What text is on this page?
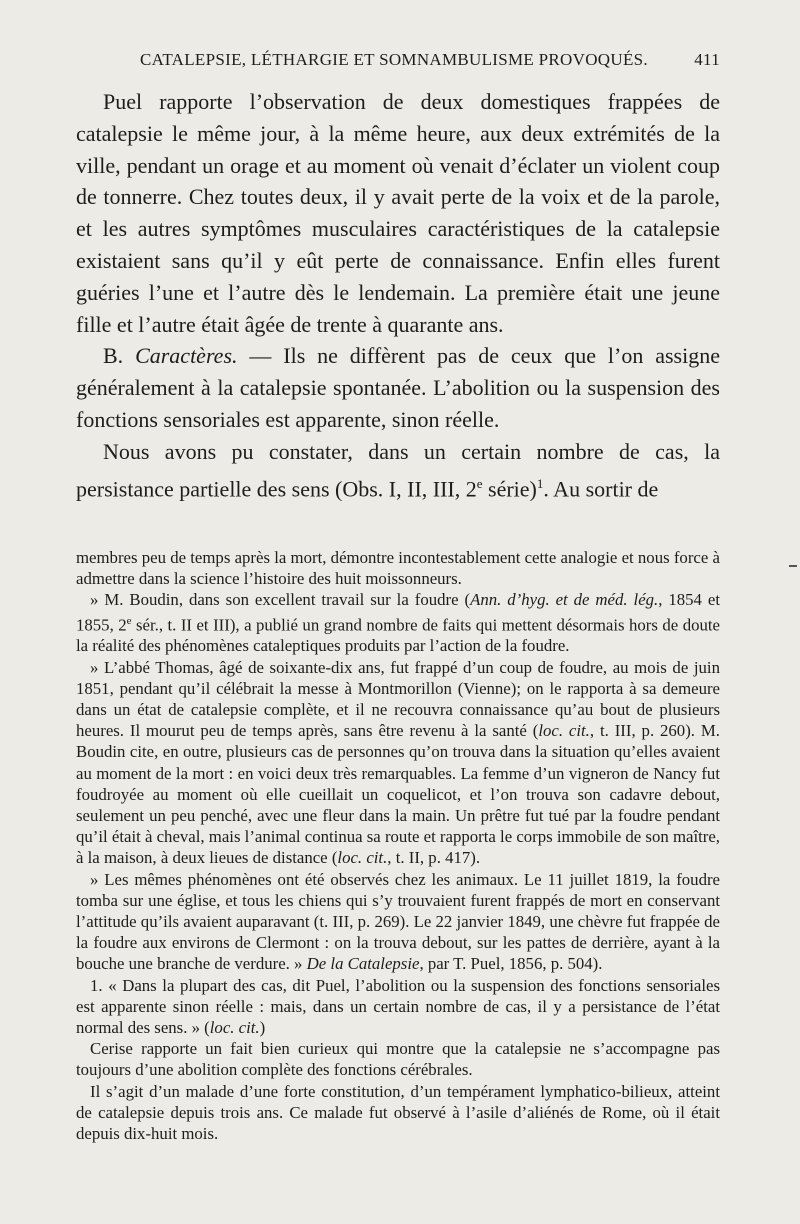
CATALEPSIE, LÉTHARGIE ET SOMNAMBULISME PROVOQUÉS.	411

Puel rapporte l’observation de deux domestiques frappées de catalepsie le même jour, à la même heure, aux deux extrémités de la ville, pendant un orage et au moment où venait d’éclater un violent coup de tonnerre. Chez toutes deux, il y avait perte de la voix et de la parole, et les autres symptômes musculaires caractéristiques de la catalepsie existaient sans qu’il y eût perte de connaissance. Enfin elles furent guéries l’une et l’autre dès le lendemain. La première était une jeune fille et l’autre était âgée de trente à quarante ans.

B. Caractères. — Ils ne diffèrent pas de ceux que l’on assigne généralement à la catalepsie spontanée. L’abolition ou la suspension des fonctions sensoriales est apparente, sinon réelle.

Nous avons pu constater, dans un certain nombre de cas, la persistance partielle des sens (Obs. I, II, III, 2e série)$^1$. Au sortir de

membres peu de temps après la mort, démontre incontestablement cette analogie et nous force à admettre dans la science l’histoire des huit moissonneurs.

» M. Boudin, dans son excellent travail sur la foudre (Ann. d’hyg. et de méd. lég., 1854 et 1855, 2e sér., t. II et III), a publié un grand nombre de faits qui mettent désormais hors de doute la réalité des phénomènes cataleptiques produits par l’action de la foudre.

» L’abbé Thomas, âgé de soixante-dix ans, fut frappé d’un coup de foudre, au mois de juin 1851, pendant qu’il célébrait la messe à Montmorillon (Vienne); on le rapporta à sa demeure dans un état de catalepsie complète, et il ne recouvra connaissance qu’au bout de plusieurs heures. Il mourut peu de temps après, sans être revenu à la santé (loc. cit., t. III, p. 260). M. Boudin cite, en outre, plusieurs cas de personnes qu’on trouva dans la situation qu’elles avaient au moment de la mort : en voici deux très remarquables. La femme d’un vigneron de Nancy fut foudroyée au moment où elle cueillait un coquelicot, et l’on trouva son cadavre debout, seulement un peu penché, avec une fleur dans la main. Un prêtre fut tué par la foudre pendant qu’il était à cheval, mais l’animal continua sa route et rapporta le corps immobile de son maître, à la maison, à deux lieues de distance (loc. cit., t. II, p. 417).

» Les mêmes phénomènes ont été observés chez les animaux. Le 11 juillet 1819, la foudre tomba sur une église, et tous les chiens qui s’y trouvaient furent frappés de mort en conservant l’attitude qu’ils avaient auparavant (t. III, p. 269). Le 22 janvier 1849, une chèvre fut frappée de la foudre aux environs de Clermont : on la trouva debout, sur les pattes de derrière, ayant à la bouche une branche de verdure. » De la Catalepsie, par T. Puel, 1856, p. 504).

1. « Dans la plupart des cas, dit Puel, l’abolition ou la suspension des fonctions sensoriales est apparente sinon réelle : mais, dans un certain nombre de cas, il y a persistance de l’état normal des sens. » (loc. cit.)

Cerise rapporte un fait bien curieux qui montre que la catalepsie ne s’accompagne pas toujours d’une abolition complète des fonctions cérébrales.

Il s’agit d’un malade d’une forte constitution, d’un tempérament lymphatico-bilieux, atteint de catalepsie depuis trois ans. Ce malade fut observé à l’asile d’aliénés de Rome, où il était depuis dix-huit mois.
